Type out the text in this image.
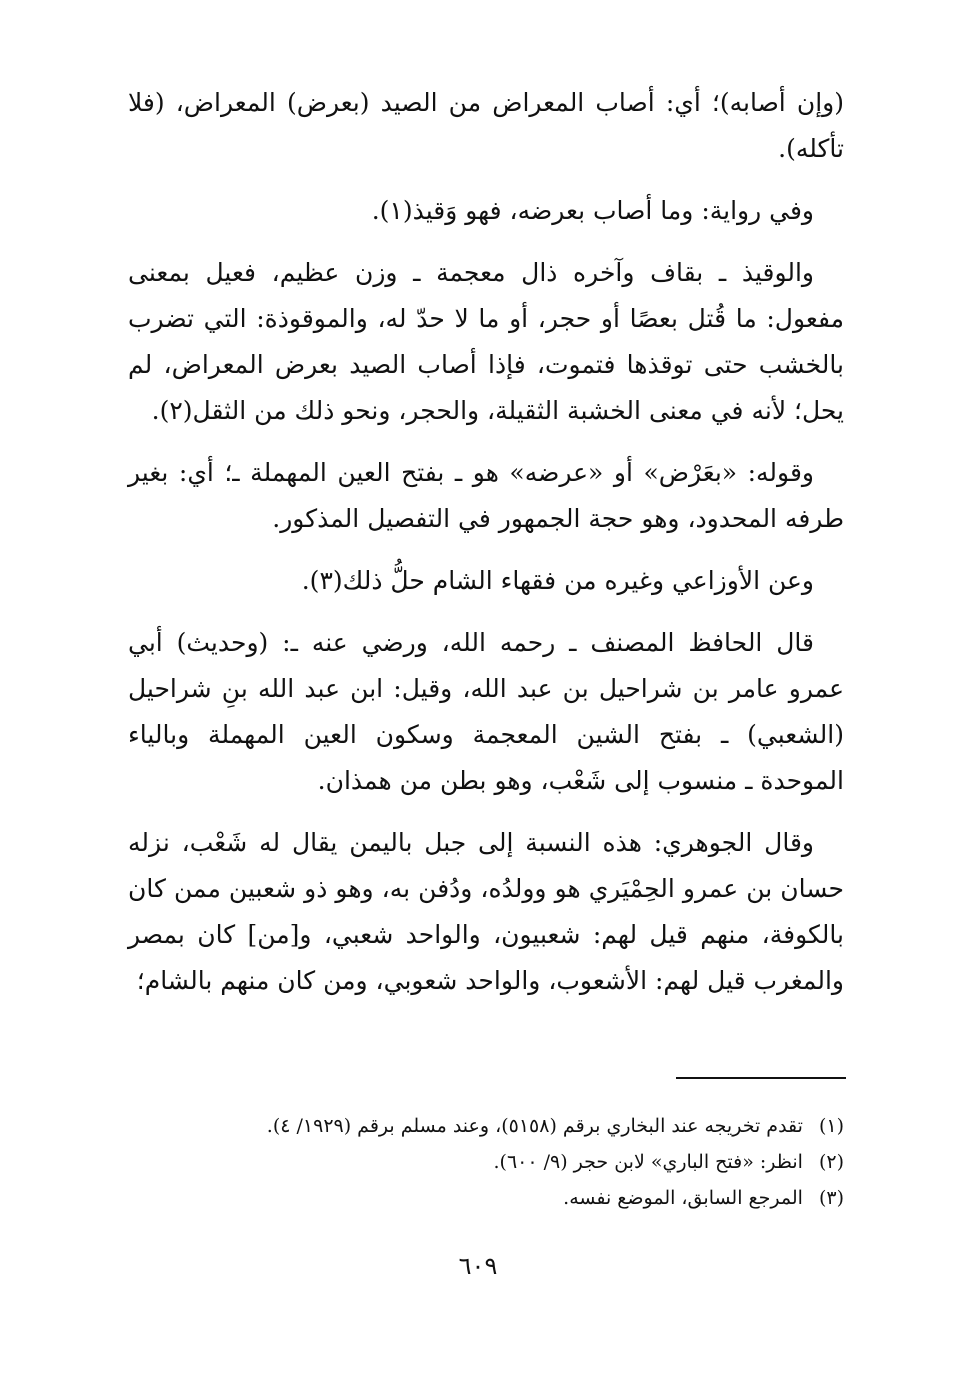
(وإن أصابه)؛ أي: أصاب المعراض من الصيد (بعرض) المعراض، (فلا تأكله).

وفي رواية: وما أصاب بعرضه، فهو وَقيذ(١).

والوقيذ ـ بقاف وآخره ذال معجمة ـ وزن عظيم، فعيل بمعنى مفعول: ما قُتل بعصًا أو حجر، أو ما لا حدّ له، والموقوذة: التي تضرب بالخشب حتى توقذها فتموت، فإذا أصاب الصيد بعرض المعراض، لم يحل؛ لأنه في معنى الخشبة الثقيلة، والحجر، ونحو ذلك من الثقل(٢).

وقوله: «بعَرْض» أو «عرضه» هو ـ بفتح العين المهملة ـ؛ أي: بغير طرفه المحدود، وهو حجة الجمهور في التفصيل المذكور.

وعن الأوزاعي وغيره من فقهاء الشام حلُّ ذلك(٣).

قال الحافظ المصنف ـ رحمه الله، ورضي عنه ـ: (وحديث) أبي عمرو عامر بن شراحيل بن عبد الله، وقيل: ابن عبد الله بنِ شراحيل (الشعبي) ـ بفتح الشين المعجمة وسكون العين المهملة وبالياء الموحدة ـ منسوب إلى شَعْب، وهو بطن من همذان.

وقال الجوهري: هذه النسبة إلى جبل باليمن يقال له شَعْب، نزله حسان بن عمرو الحِمْيَري هو وولدُه، ودُفن به، وهو ذو شعبين ممن كان بالكوفة، منهم قيل لهم: شعبيون، والواحد شعبي، و[من] كان بمصر والمغرب قيل لهم: الأشعوب، والواحد شعوبي، ومن كان منهم بالشام؛

(١)
تقدم تخريجه عند البخاري برقم (٥١٥٨)، وعند مسلم برقم (١٩٢٩/ ٤).
(٢)
انظر: «فتح الباري» لابن حجر (٩/ ٦٠٠).
(٣)
المرجع السابق، الموضع نفسه.
٦٠٩
